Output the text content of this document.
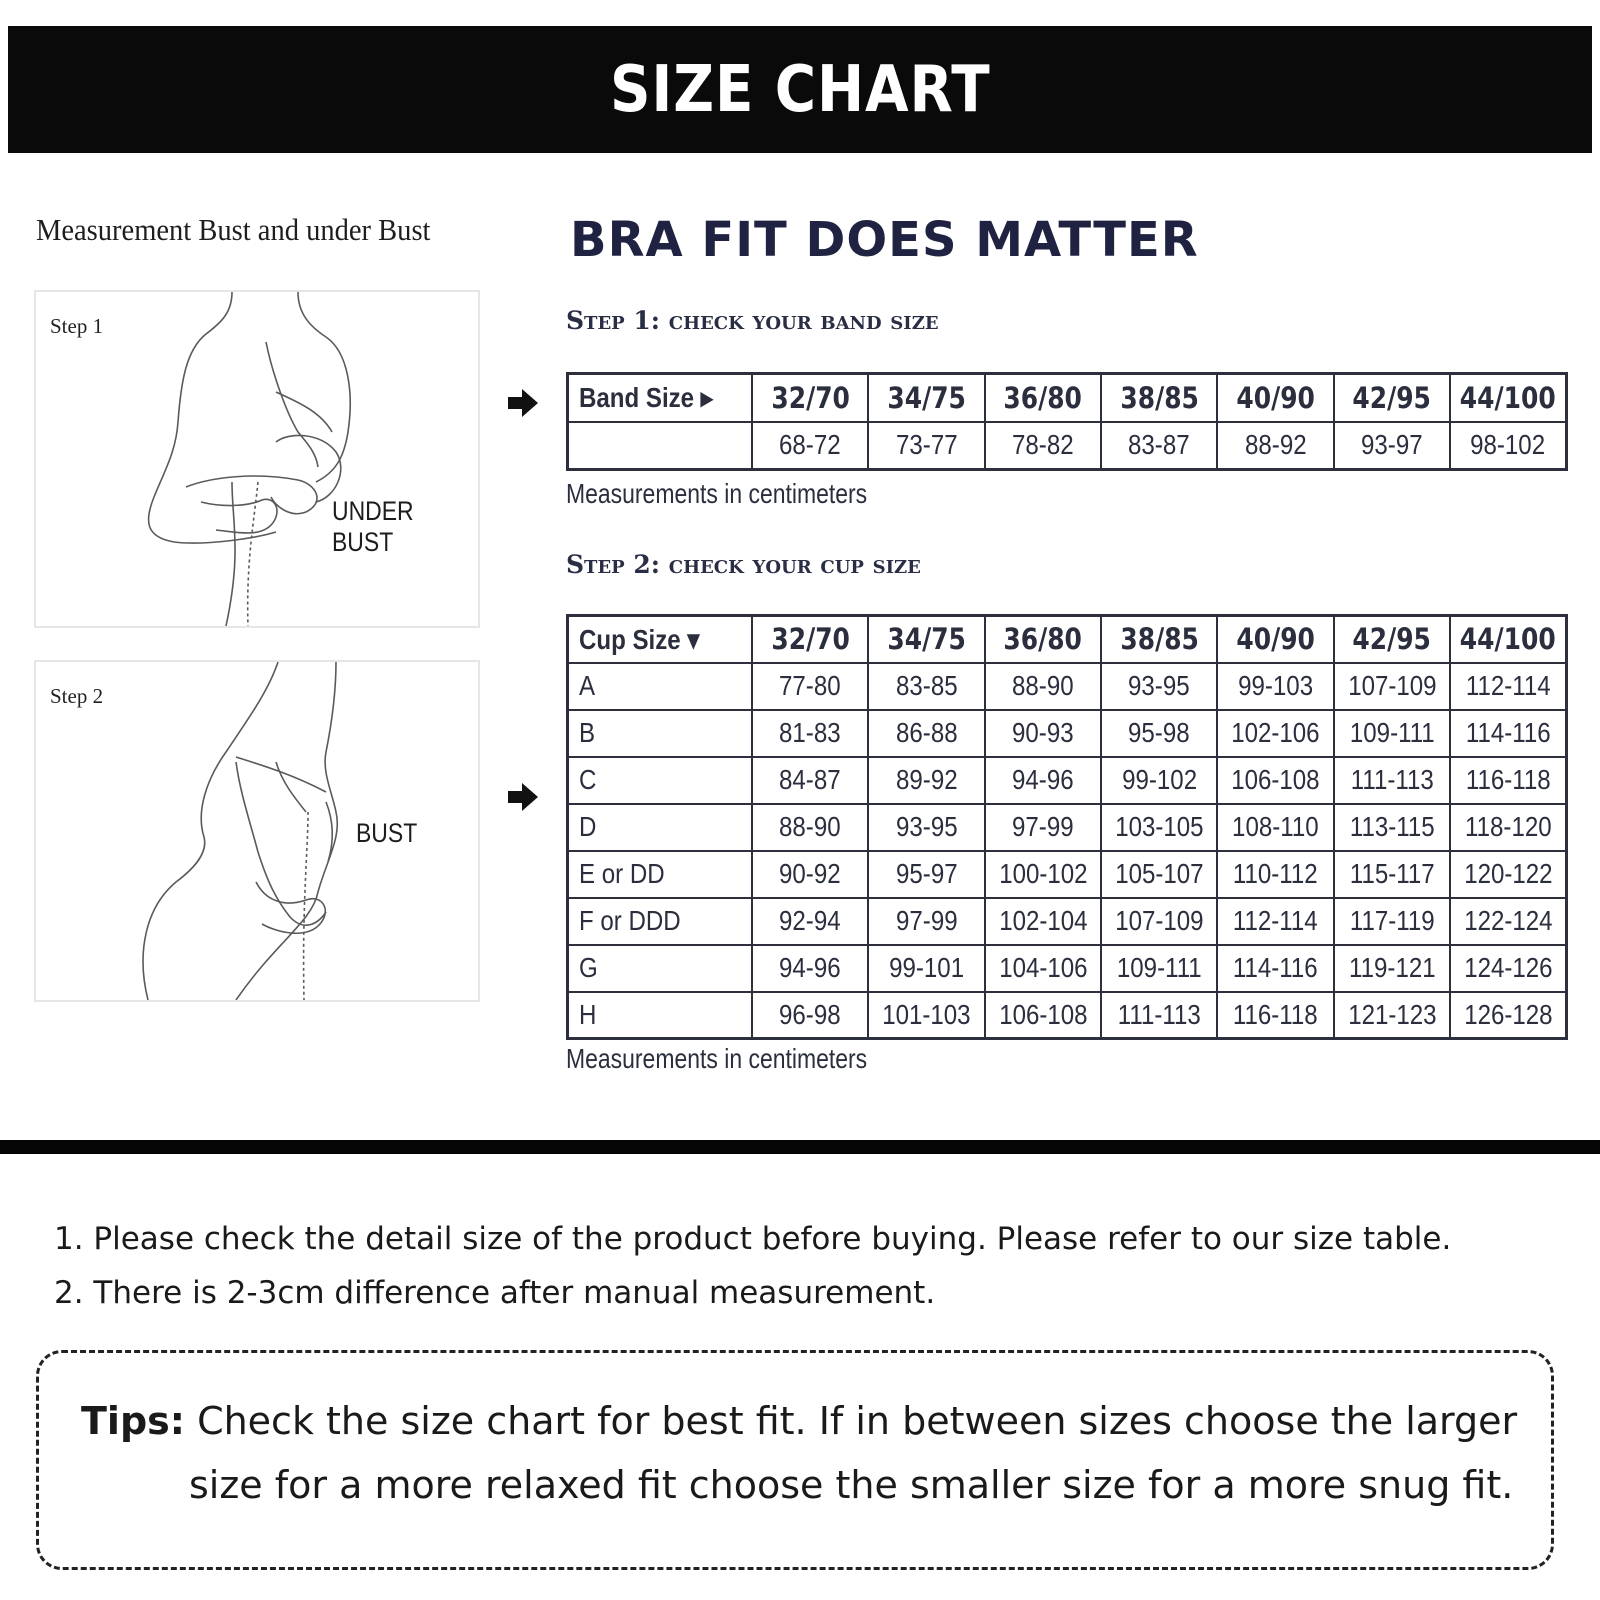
SIZE CHART
Measurement Bust and under Bust
Step 1
UNDER BUST
Step 2
BUST
BRA FIT DOES MATTER
Step 1: check your band size
Band Size ▸	32/70	34/75	36/80	38/85	40/90	42/95	44/100
	68-72	73-77	78-82	83-87	88-92	93-97	98-102
Measurements in centimeters
Step 2: check your cup size
Cup Size ▾	32/70	34/75	36/80	38/85	40/90	42/95	44/100
A	77-80	83-85	88-90	93-95	99-103	107-109	112-114
B	81-83	86-88	90-93	95-98	102-106	109-111	114-116
C	84-87	89-92	94-96	99-102	106-108	111-113	116-118
D	88-90	93-95	97-99	103-105	108-110	113-115	118-120
E or DD	90-92	95-97	100-102	105-107	110-112	115-117	120-122
F or DDD	92-94	97-99	102-104	107-109	112-114	117-119	122-124
G	94-96	99-101	104-106	109-111	114-116	119-121	124-126
H	96-98	101-103	106-108	111-113	116-118	121-123	126-128
Measurements in centimeters
1. Please check the detail size of the product before buying. Please refer to our size table.
2. There is 2-3cm difference after manual measurement.
Tips: Check the size chart for best fit. If in between sizes choose the larger
size for a more relaxed fit choose the smaller size for a more snug fit.
